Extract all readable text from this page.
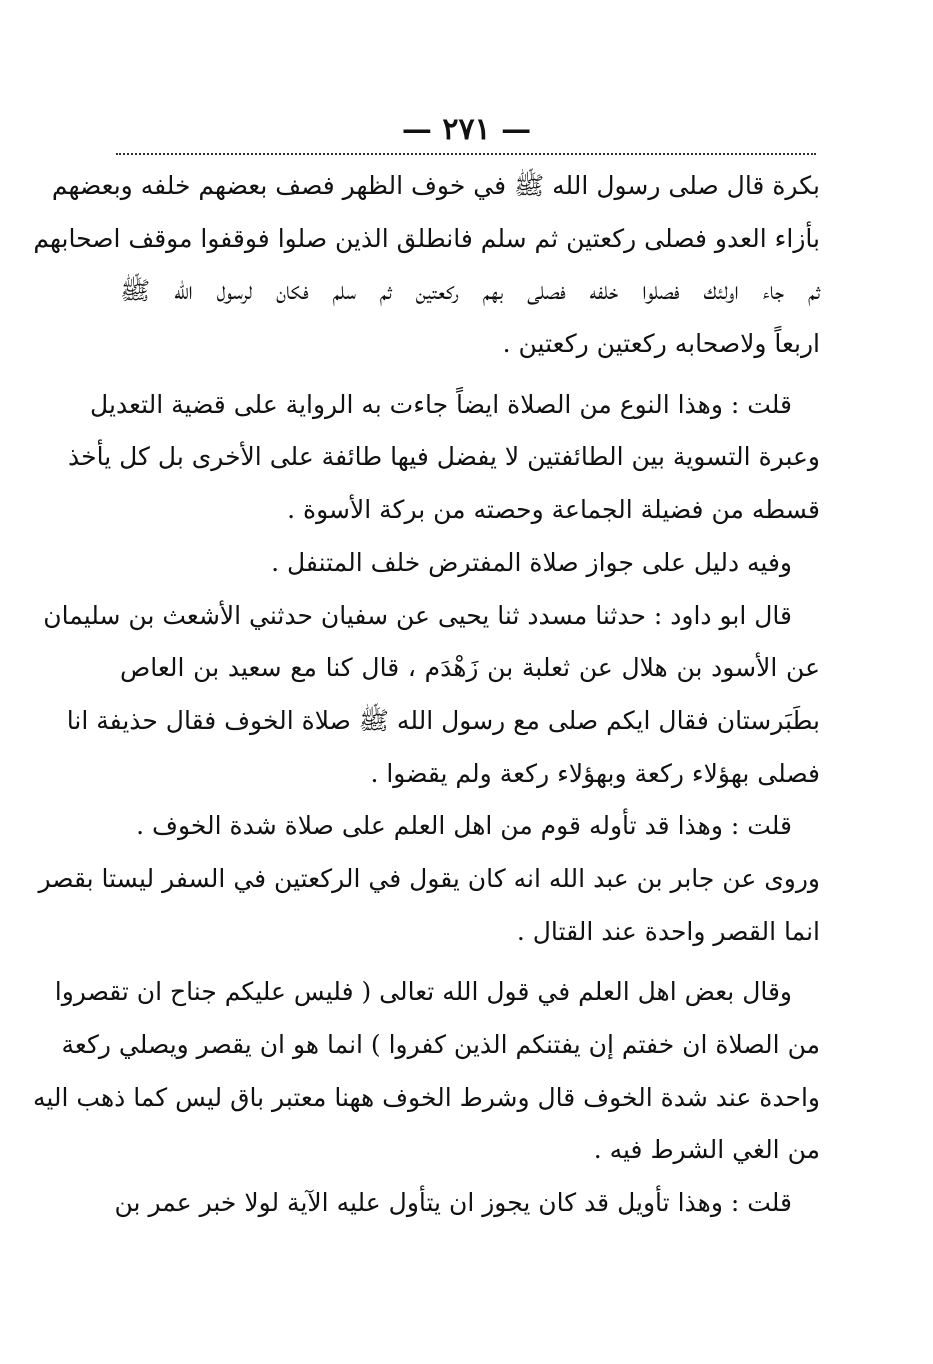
— ٢٧١ —
بكرة قال صلى رسول الله ﷺ في خوف الظهر فصف بعضهم خلفه وبعضهم
بأزاء العدو فصلى ركعتين ثم سلم فانطلق الذين صلوا فوقفوا موقف اصحابهم
ثم جاء اولئك فصلوا خلفه فصلى بهم ركعتين ثم سلم فكان لرسول الله ﷺ
اربعاً ولاصحابه ركعتين ركعتين .
قلت : وهذا النوع من الصلاة ايضاً جاءت به الرواية على قضية التعديل
وعبرة التسوية بين الطائفتين لا يفضل فيها طائفة على الأخرى بل كل يأخذ
قسطه من فضيلة الجماعة وحصته من بركة الأسوة .
وفيه دليل على جواز صلاة المفترض خلف المتنفل .
قال ابو داود : حدثنا مسدد ثنا يحيى عن سفيان حدثني الأشعث بن سليمان
عن الأسود بن هلال عن ثعلبة بن زَهْدَم ، قال كنا مع سعيد بن العاص
بطَبَرستان فقال ايكم صلى مع رسول الله ﷺ صلاة الخوف فقال حذيفة انا
فصلى بهؤلاء ركعة وبهؤلاء ركعة ولم يقضوا .
قلت : وهذا قد تأوله قوم من اهل العلم على صلاة شدة الخوف .
وروى عن جابر بن عبد الله انه كان يقول في الركعتين في السفر ليستا بقصر
انما القصر واحدة عند القتال .
وقال بعض اهل العلم في قول الله تعالى ( فليس عليكم جناح ان تقصروا
من الصلاة ان خفتم إن يفتنكم الذين كفروا ) انما هو ان يقصر ويصلي ركعة
واحدة عند شدة الخوف قال وشرط الخوف ههنا معتبر باق ليس كما ذهب اليه
من الغي الشرط فيه .
قلت : وهذا تأويل قد كان يجوز ان يتأول عليه الآية لولا خبر عمر بن
